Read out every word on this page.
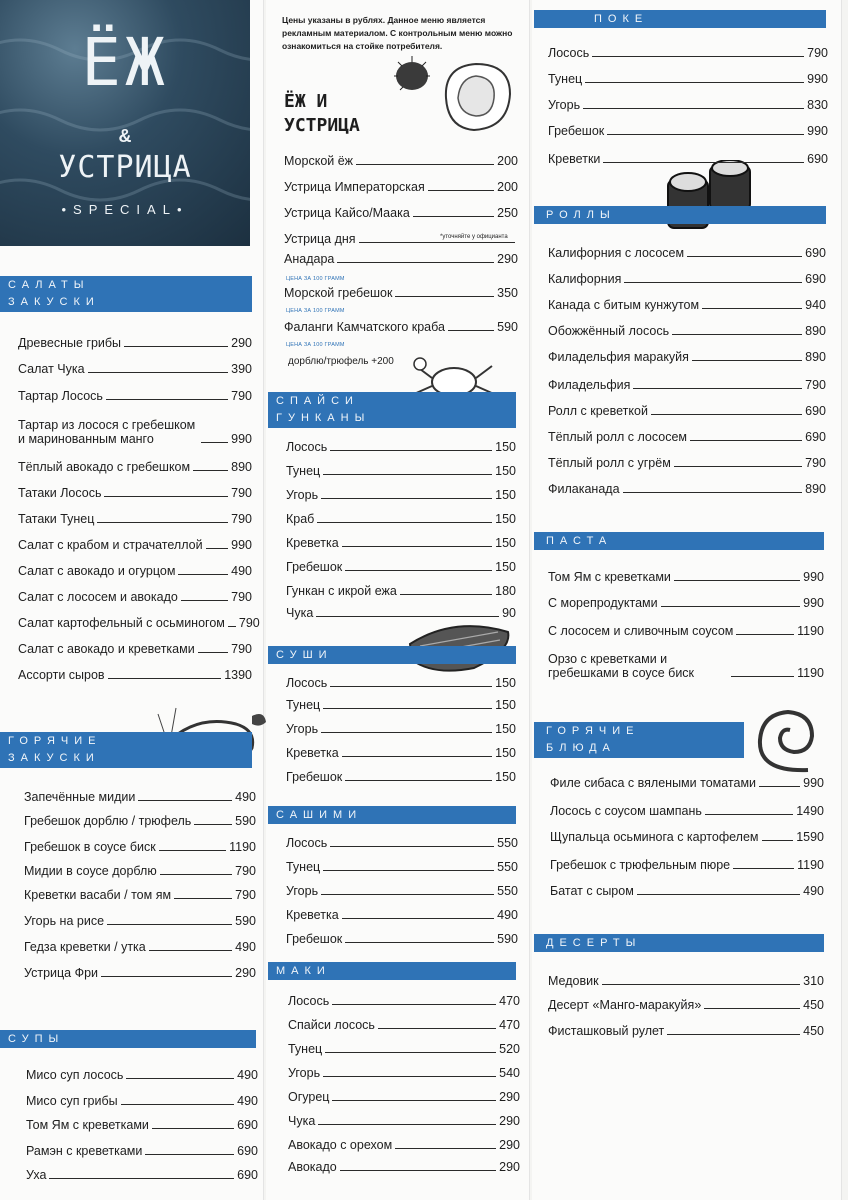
ЁЖ
&
УСТРИЦА
•SPECIAL•
Цены указаны в рублях. Данное меню является рекламным материалом. С контрольным меню можно ознакомиться на стойке потребителя.
ЁЖ И
УСТРИЦА
*уточняйте у официанта
ЦЕНА ЗА 100 ГРАММ
ЦЕНА ЗА 100 ГРАММ
ЦЕНА ЗА 100 ГРАММ
дорблю/трюфель +200
САЛАТЫ ЗАКУСКИ
ГОРЯЧИЕ
ЗАКУСКИ
СУПЫ
СПАЙСИ
ГУНКАНЫ
СУШИ
САШИМИ
МАКИ
ПОКЕ
РОЛЛЫ
ПАСТА
ГОРЯЧИЕ
БЛЮДА
ДЕСЕРТЫ
Древесные грибы	290
Салат Чука	390
Тартар Лосось	790
Тартар из лосося с гребешком и маринованным манго	990
Тёплый авокадо с гребешком	890
Татаки Лосось	790
Татаки Тунец	790
Салат с крабом и страчателлой 990
Салат с авокадо и огурцом	490
Салат с лососем и авокадо	790
Салат картофельный с осьминогом 790
Салат с авокадо и креветками	790
Ассорти сыров	1390
Запечённые мидии	490
Гребешок дорблю / трюфель	590
Гребешок в соусе биск	1190
Мидии в соусе дорблю	790
Креветки васаби / том ям	790
Угорь на рисе	590
Гедза креветки / утка	490
Устрица Фри	290
Мисо суп лосось	490
Мисо суп грибы	490
Том Ям с креветками	690
Рамэн с креветками	690
Уха	690
Морской ёж	200
Устрица Императорская	200
Устрица Кайсо/Маака	250
Устрица дня
Анадара	290
Морской гребешок	350
Фаланги Камчатского краба	590
Лосось	150
Тунец	150
Угорь	150
Краб	150
Креветка	150
Гребешок	150
Гункан с икрой ежа	180
Чука	90
Лосось	150
Тунец	150
Угорь	150
Креветка	150
Гребешок	150
Лосось	550
Тунец	550
Угорь	550
Креветка	490
Гребешок	590
Лосось	470
Спайси лосось	470
Тунец	520
Угорь	540
Огурец	290
Чука	290
Авокадо с орехом	290
Авокадо	290
Лосось	790
Тунец	990
Угорь	830
Гребешок	990
Креветки	690
Калифорния с лососем	690
Калифорния	690
Канада с битым кунжутом	940
Обожжённый лосось	890
Филадельфия маракуйя	890
Филадельфия	790
Ролл с креветкой	690
Тёплый ролл с лососем	690
Тёплый ролл с угрём	790
Филаканада	890
Том Ям с креветками	990
С морепродуктами	990
С лососем и сливочным соусом	1190
Орзо с креветками и гребешками в соусе биск	1190
Филе сибаса с вялеными томатами	990
Лосось с соусом шампань	1490
Щупальца осьминога с картофелем	1590
Гребешок с трюфельным пюре	1190
Батат с сыром	490
Медовик	310
Десерт «Манго-маракуйя»	450
Фисташковый рулет	450
